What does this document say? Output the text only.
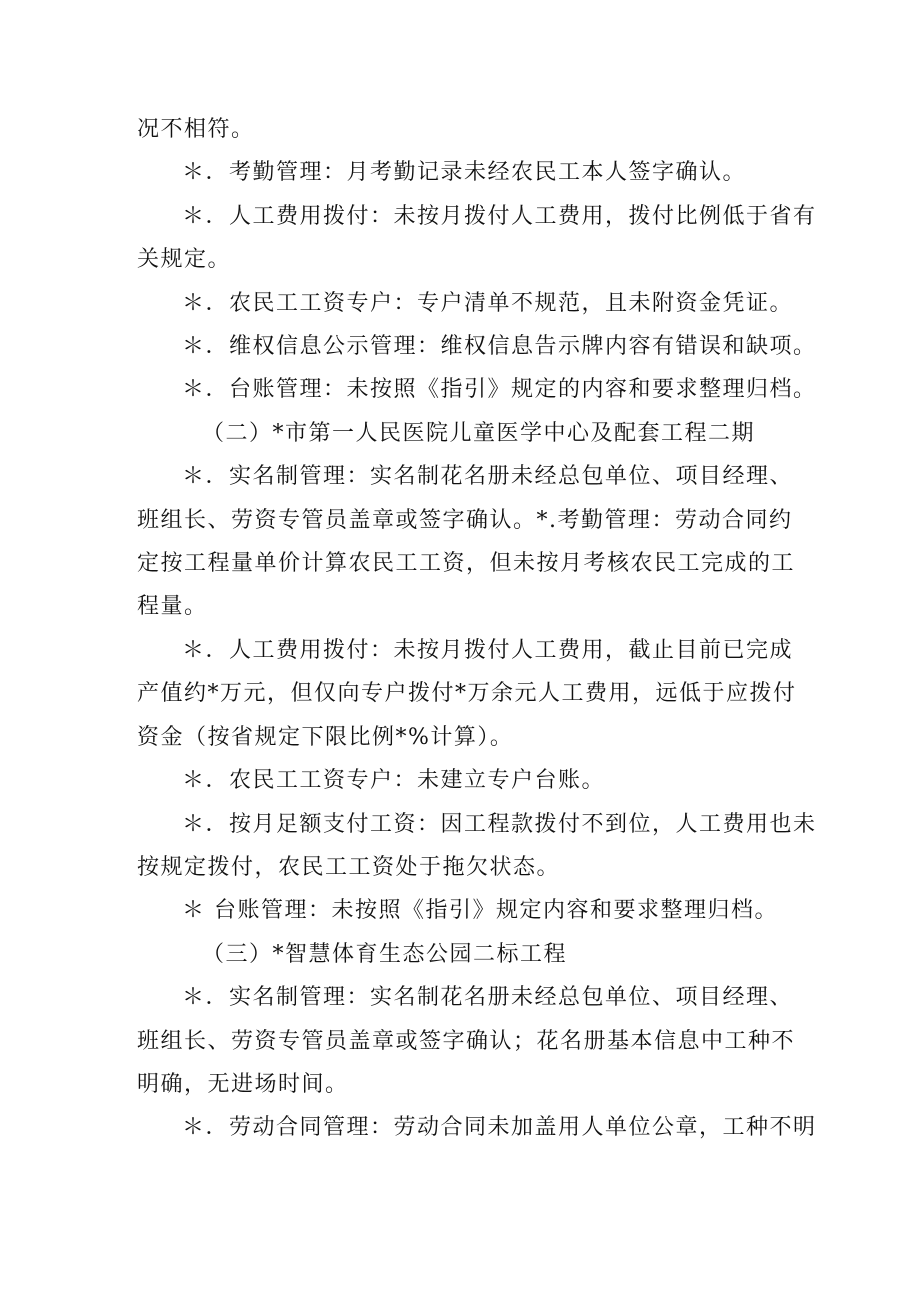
况不相符。

＊．考勤管理：月考勤记录未经农民工本人签字确认。

＊．人工费用拨付：未按月拨付人工费用，拨付比例低于省有

关规定。

＊．农民工工资专户：专户清单不规范，且未附资金凭证。

＊．维权信息公示管理：维权信息告示牌内容有错误和缺项。

＊．台账管理：未按照《指引》规定的内容和要求整理归档。

（二）*市第一人民医院儿童医学中心及配套工程二期

＊．实名制管理：实名制花名册未经总包单位、项目经理、

班组长、劳资专管员盖章或签字确认。*.考勤管理：劳动合同约

定按工程量单价计算农民工工资，但未按月考核农民工完成的工

程量。

＊．人工费用拨付：未按月拨付人工费用，截止目前已完成

产值约*万元，但仅向专户拨付*万余元人工费用，远低于应拨付

资金（按省规定下限比例*%计算）。

＊．农民工工资专户：未建立专户台账。

＊．按月足额支付工资：因工程款拨付不到位，人工费用也未

按规定拨付，农民工工资处于拖欠状态。

＊ 台账管理：未按照《指引》规定内容和要求整理归档。

（三）*智慧体育生态公园二标工程

＊．实名制管理：实名制花名册未经总包单位、项目经理、

班组长、劳资专管员盖章或签字确认；花名册基本信息中工种不

明确，无进场时间。

＊．劳动合同管理：劳动合同未加盖用人单位公章，工种不明
